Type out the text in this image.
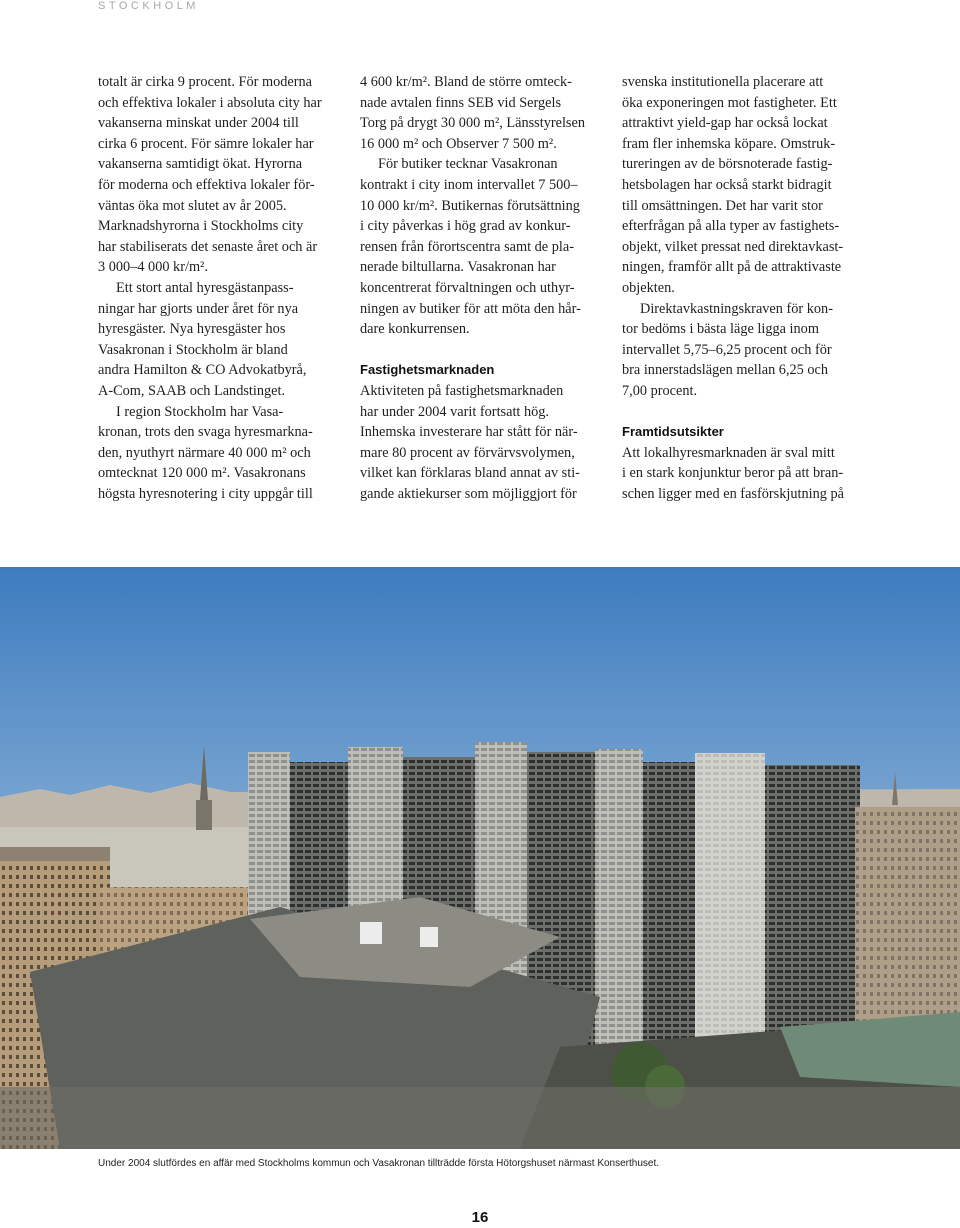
STOCKHOLM

totalt är cirka 9 procent. För moderna
och effektiva lokaler i absoluta city har
vakanserna minskat under 2004 till
cirka 6 procent. För sämre lokaler har
vakanserna samtidigt ökat. Hyrorna
för moderna och effektiva lokaler för-
väntas öka mot slutet av år 2005.
Marknadshyrorna i Stockholms city
har stabiliserats det senaste året och är
3 000–4 000 kr/m².

Ett stort antal hyresgästanpass-
ningar har gjorts under året för nya
hyresgäster. Nya hyresgäster hos
Vasakronan i Stockholm är bland
andra Hamilton & CO Advokatbyrå,
A-Com, SAAB och Landstinget.

I region Stockholm har Vasa-
kronan, trots den svaga hyresmarkna-
den, nyuthyrt närmare 40 000 m² och
omtecknat 120 000 m². Vasakronans
högsta hyresnotering i city uppgår till

4 600 kr/m². Bland de större omteck-
nade avtalen finns SEB vid Sergels
Torg på drygt 30 000 m², Länsstyrelsen
16 000 m² och Observer 7 500 m².

För butiker tecknar Vasakronan
kontrakt i city inom intervallet 7 500–
10 000 kr/m². Butikernas förutsättning
i city påverkas i hög grad av konkur-
rensen från förortscentra samt de pla-
nerade biltullarna. Vasakronan har
koncentrerat förvaltningen och uthyr-
ningen av butiker för att möta den hår-
dare konkurrensen.

Fastighetsmarknaden

Aktiviteten på fastighetsmarknaden
har under 2004 varit fortsatt hög.
Inhemska investerare har stått för när-
mare 80 procent av förvärvsvolymen,
vilket kan förklaras bland annat av sti-
gande aktiekurser som möjliggjort för

svenska institutionella placerare att
öka exponeringen mot fastigheter. Ett
attraktivt yield-gap har också lockat
fram fler inhemska köpare. Omstruk-
tureringen av de börsnoterade fastig-
hetsbolagen har också starkt bidragit
till omsättningen. Det har varit stor
efterfrågan på alla typer av fastighets-
objekt, vilket pressat ned direktavkast-
ningen, framför allt på de attraktivaste
objekten.

Direktavkastningskraven för kon-
tor bedöms i bästa läge ligga inom
intervallet 5,75–6,25 procent och för
bra innerstadslägen mellan 6,25 och
7,00 procent.

Framtidsutsikter

Att lokalhyresmarknaden är sval mitt
i en stark konjunktur beror på att bran-
schen ligger med en fasförskjutning på

Under 2004 slutfördes en affär med Stockholms kommun och Vasakronan tillträdde första Hötorgshuset närmast Konserthuset.
16
